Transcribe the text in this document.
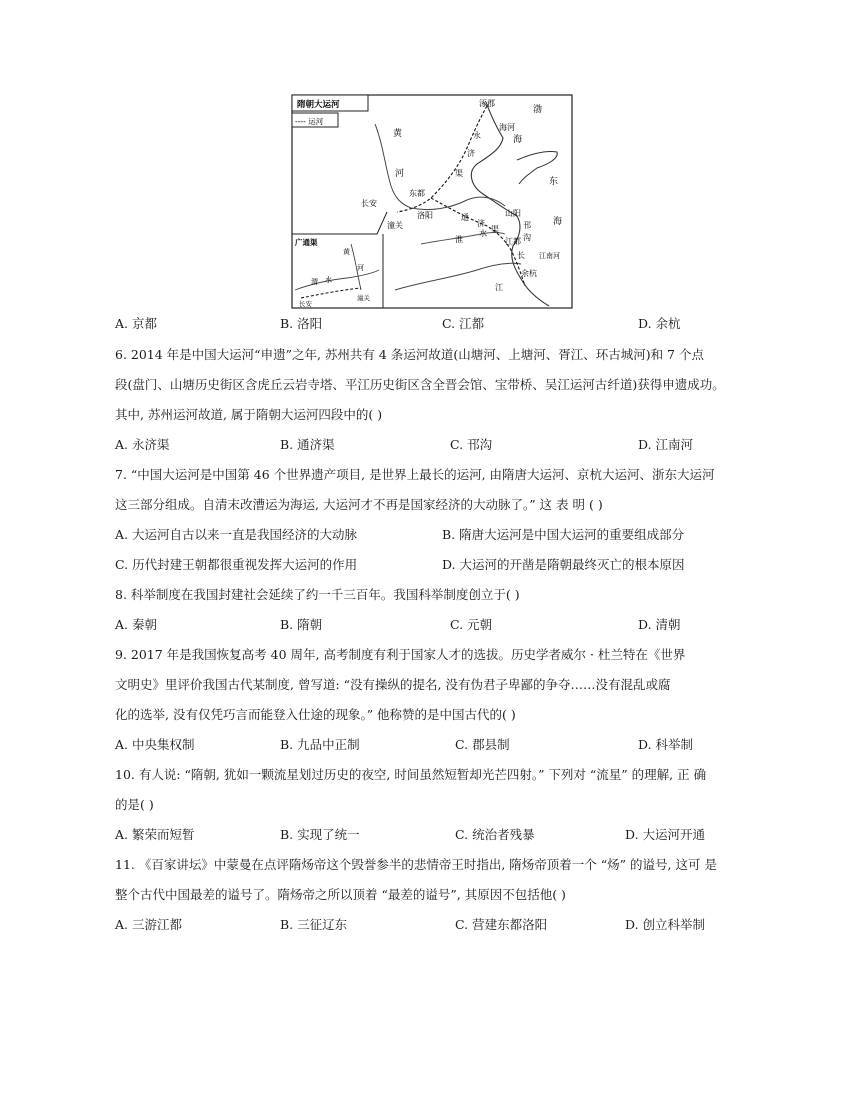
隋朝大运河
---- 运河
广通渠
涿郡
渤
海
永
济
渠
海河
黄
河
东都
长安
洛阳
潼关
通
济
淮
水 渠
山阳
邗
沟
江都
长
江
余杭
东
海
江南河
黄
河
渭 水
长安
潼关
A. 京都	B. 洛阳	C. 江都	D. 余杭
6. 2014 年是中国大运河“申遗”之年, 苏州共有 4 条运河故道(山塘河、上塘河、胥江、环古城河)和 7 个点
段(盘门、山塘历史街区含虎丘云岩寺塔、平江历史街区含全晋会馆、宝带桥、吴江运河古纤道)获得申遗成功。
其中, 苏州运河故道, 属于隋朝大运河四段中的( )
A. 永济渠	B. 通济渠	C. 邗沟	D. 江南河
7. “中国大运河是中国第 46 个世界遗产项目, 是世界上最长的运河, 由隋唐大运河、京杭大运河、浙东大运河
这三部分组成。自清末改漕运为海运, 大运河才不再是国家经济的大动脉了。” 这 表 明 ( )
A. 大运河自古以来一直是我国经济的大动脉	B. 隋唐大运河是中国大运河的重要组成部分
C. 历代封建王朝都很重视发挥大运河的作用	D. 大运河的开凿是隋朝最终灭亡的根本原因
8. 科举制度在我国封建社会延续了约一千三百年。我国科举制度创立于( )
A. 秦朝	B. 隋朝	C. 元朝	D. 清朝
9. 2017 年是我国恢复高考 40 周年, 高考制度有利于国家人才的选拔。历史学者威尔 · 杜兰特在《世界
文明史》里评价我国古代某制度, 曾写道: “没有操纵的提名, 没有伪君子卑鄙的争夺……没有混乱或腐
化的选举, 没有仅凭巧言而能登入仕途的现象。” 他称赞的是中国古代的( )
A. 中央集权制	B. 九品中正制	C. 郡县制	D. 科举制
10. 有人说: “隋朝, 犹如一颗流星划过历史的夜空, 时间虽然短暂却光芒四射。” 下列对 “流星” 的理解, 正 确
的是( )
A. 繁荣而短暂	B. 实现了统一	C. 统治者残暴	D. 大运河开通
11. 《百家讲坛》中蒙曼在点评隋炀帝这个毁誉参半的悲情帝王时指出, 隋炀帝顶着一个 “炀” 的谥号, 这可 是
整个古代中国最差的谥号了。隋炀帝之所以顶着 “最差的谥号”, 其原因不包括他( )
A. 三游江都	B. 三征辽东	C. 营建东都洛阳	D. 创立科举制
